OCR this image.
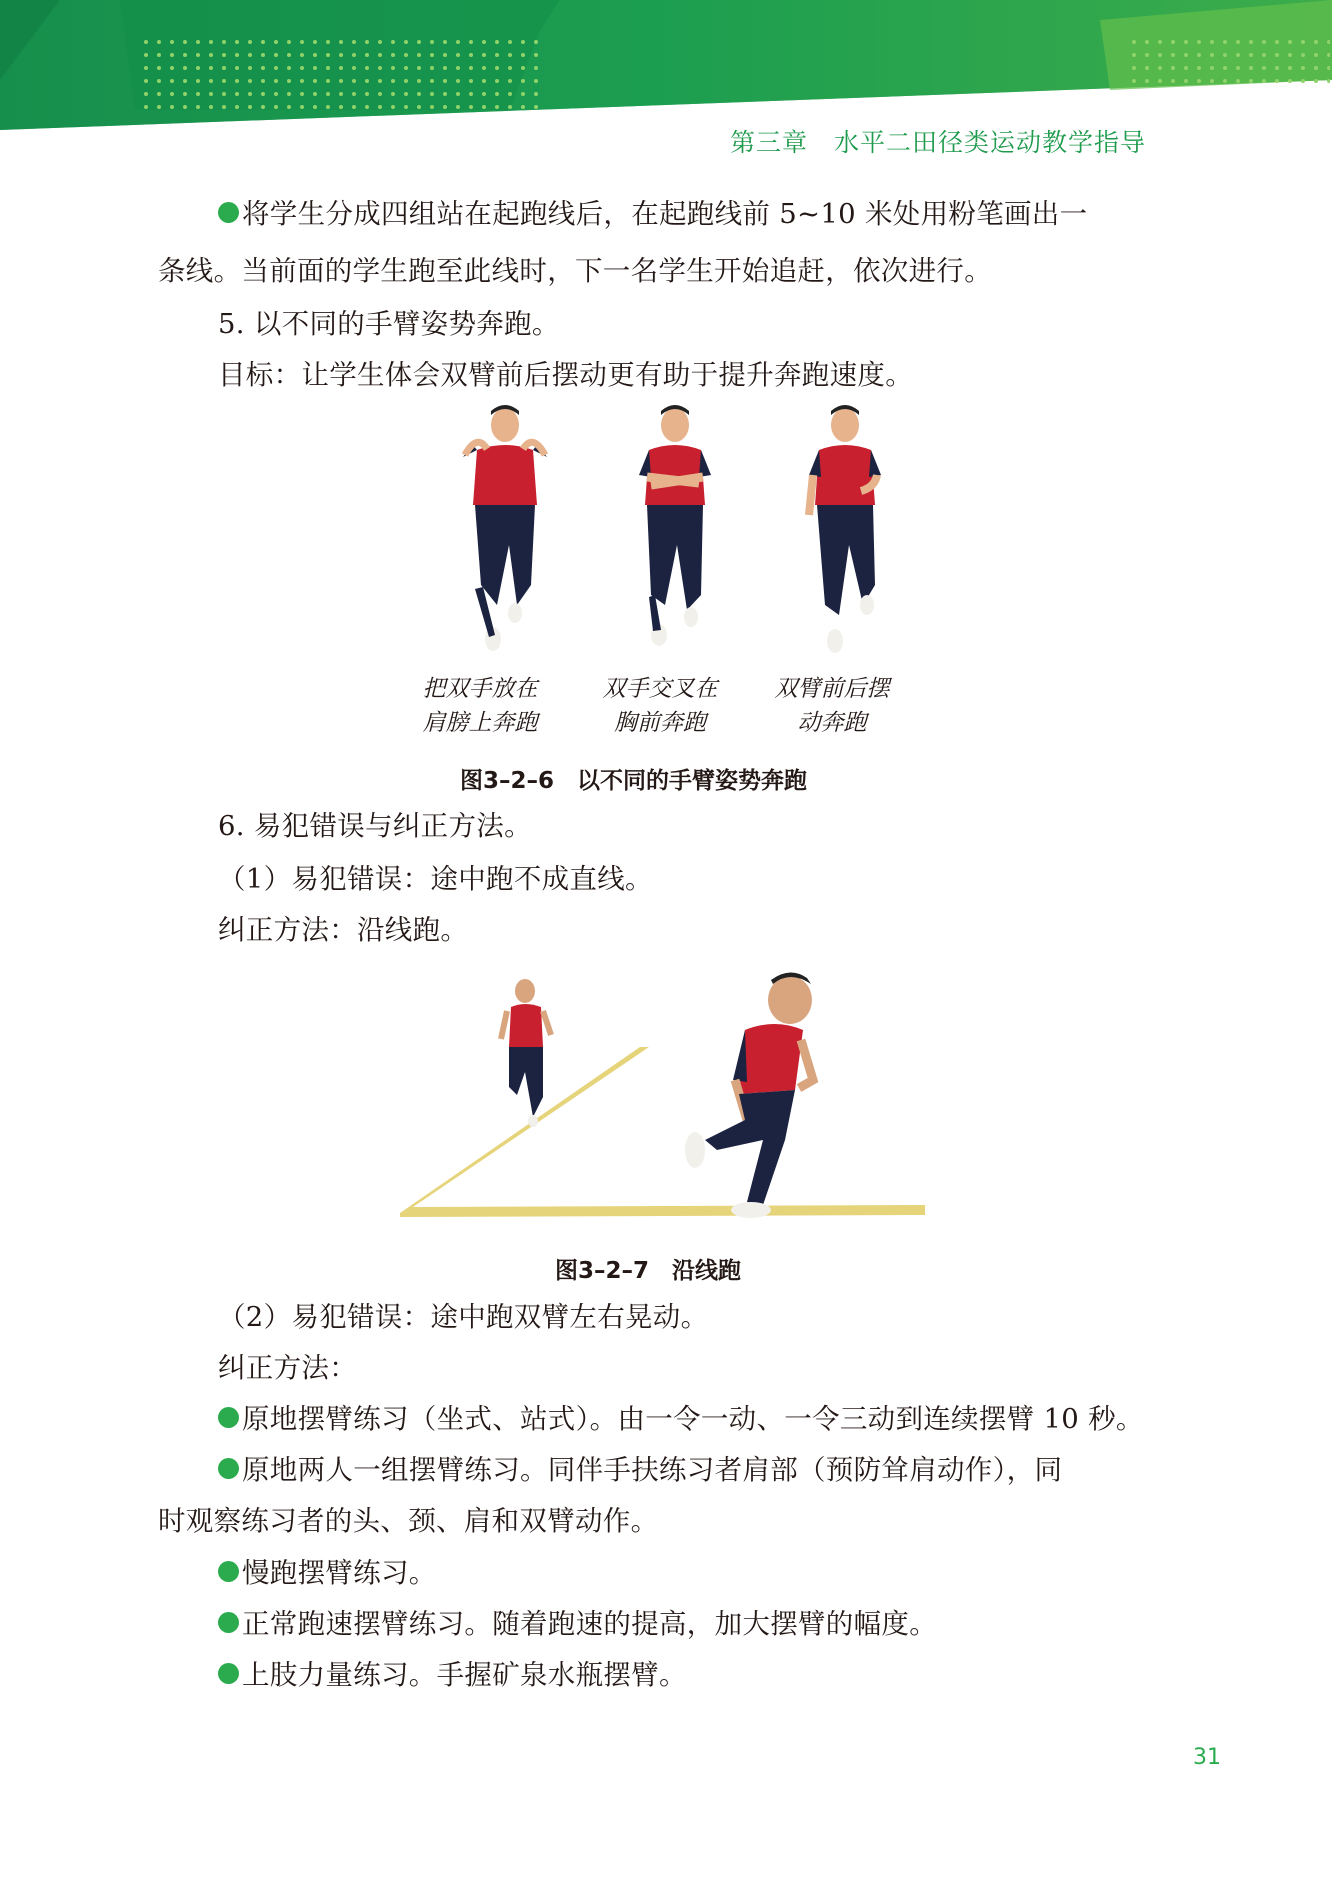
第三章　 水平二田径类运动教学指导
将学生分成四组站在起跑线后，在起跑线前 5~10 米处用粉笔画出一
条线。当前面的学生跑至此线时，下一名学生开始追赶，依次进行。
5. 以不同的手臂姿势奔跑。
目标：让学生体会双臂前后摆动更有助于提升奔跑速度。
把双手放在
肩膀上奔跑
双手交叉在
胸前奔跑
双臂前后摆
动奔跑
图3–2–6　以不同的手臂姿势奔跑
6. 易犯错误与纠正方法。
（1）易犯错误：途中跑不成直线。
纠正方法：沿线跑。
图3–2–7　沿线跑
（2）易犯错误：途中跑双臂左右晃动。
纠正方法：
原地摆臂练习（坐式、站式）。由一令一动、一令三动到连续摆臂 10 秒。
原地两人一组摆臂练习。同伴手扶练习者肩部（预防耸肩动作），同
时观察练习者的头、颈、肩和双臂动作。
慢跑摆臂练习。
正常跑速摆臂练习。随着跑速的提高，加大摆臂的幅度。
上肢力量练习。手握矿泉水瓶摆臂。
31
